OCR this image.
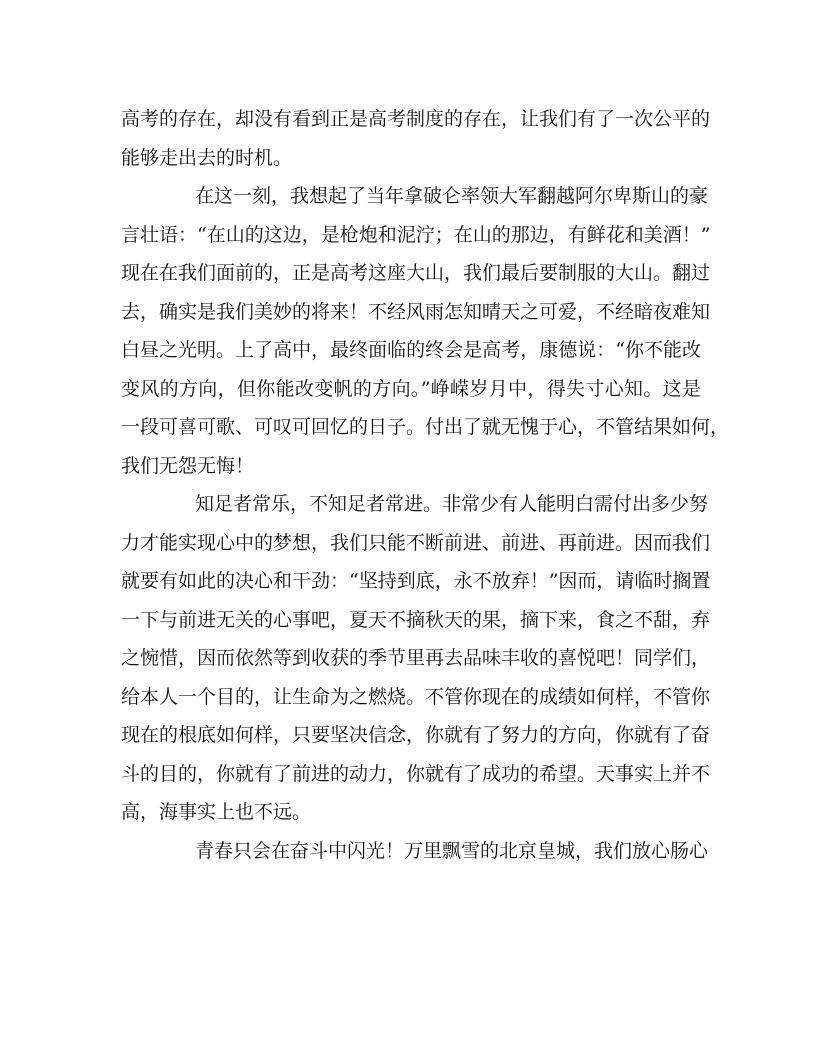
高考的存在，却没有看到正是高考制度的存在，让我们有了一次公平的
能够走出去的时机。
在这一刻，我想起了当年拿破仑率领大军翻越阿尔卑斯山的豪
言壮语：“在山的这边，是枪炮和泥泞；在山的那边，有鲜花和美酒！”
现在在我们面前的，正是高考这座大山，我们最后要制服的大山。翻过
去，确实是我们美妙的将来！不经风雨怎知晴天之可爱，不经暗夜难知
白昼之光明。上了高中，最终面临的终会是高考，康德说：“你不能改
变风的方向，但你能改变帆的方向。”峥嵘岁月中，得失寸心知。这是
一段可喜可歌、可叹可回忆的日子。付出了就无愧于心，不管结果如何，
我们无怨无悔！
知足者常乐，不知足者常进。非常少有人能明白需付出多少努
力才能实现心中的梦想，我们只能不断前进、前进、再前进。因而我们
就要有如此的决心和干劲：“坚持到底，永不放弃！”因而，请临时搁置
一下与前进无关的心事吧，夏天不摘秋天的果，摘下来，食之不甜，弃
之惋惜，因而依然等到收获的季节里再去品味丰收的喜悦吧！同学们，
给本人一个目的，让生命为之燃烧。不管你现在的成绩如何样，不管你
现在的根底如何样，只要坚决信念，你就有了努力的方向，你就有了奋
斗的目的，你就有了前进的动力，你就有了成功的希望。天事实上并不
高，海事实上也不远。
青春只会在奋斗中闪光！万里飘雪的北京皇城，我们放心肠心
